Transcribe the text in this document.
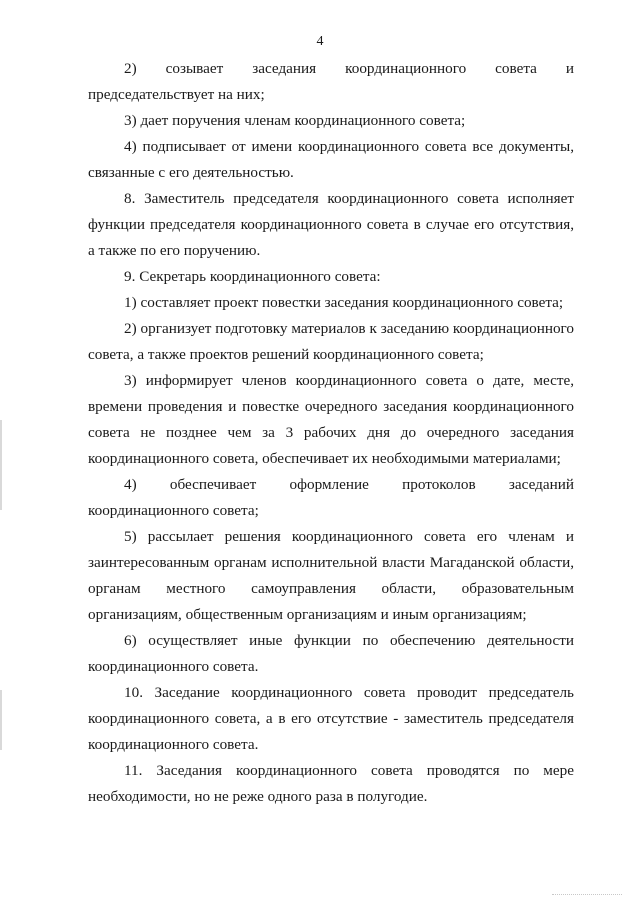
4

2) созывает заседания координационного совета и председательствует на них;

3) дает поручения членам координационного совета;

4) подписывает от имени координационного совета все документы, связанные с его деятельностью.

8. Заместитель председателя координационного совета исполняет функции председателя координационного совета в случае его отсутствия, а также по его поручению.

9. Секретарь координационного совета:

1) составляет проект повестки заседания координационного совета;

2) организует подготовку материалов к заседанию координационного совета, а также проектов решений координационного совета;

3) информирует членов координационного совета о дате, месте, времени проведения и повестке очередного заседания координационного совета не позднее чем за 3 рабочих дня до очередного заседания координационного совета, обеспечивает их необходимыми материалами;

4) обеспечивает оформление протоколов заседаний координационного совета;

5) рассылает решения координационного совета его членам и заинтересованным органам исполнительной власти Магаданской области, органам местного самоуправления области, образовательным организациям, общественным организациям и иным организациям;

6) осуществляет иные функции по обеспечению деятельности координационного совета.

10. Заседание координационного совета проводит председатель координационного совета, а в его отсутствие - заместитель председателя координационного совета.

11. Заседания координационного совета проводятся по мере необходимости, но не реже одного раза в полугодие.
